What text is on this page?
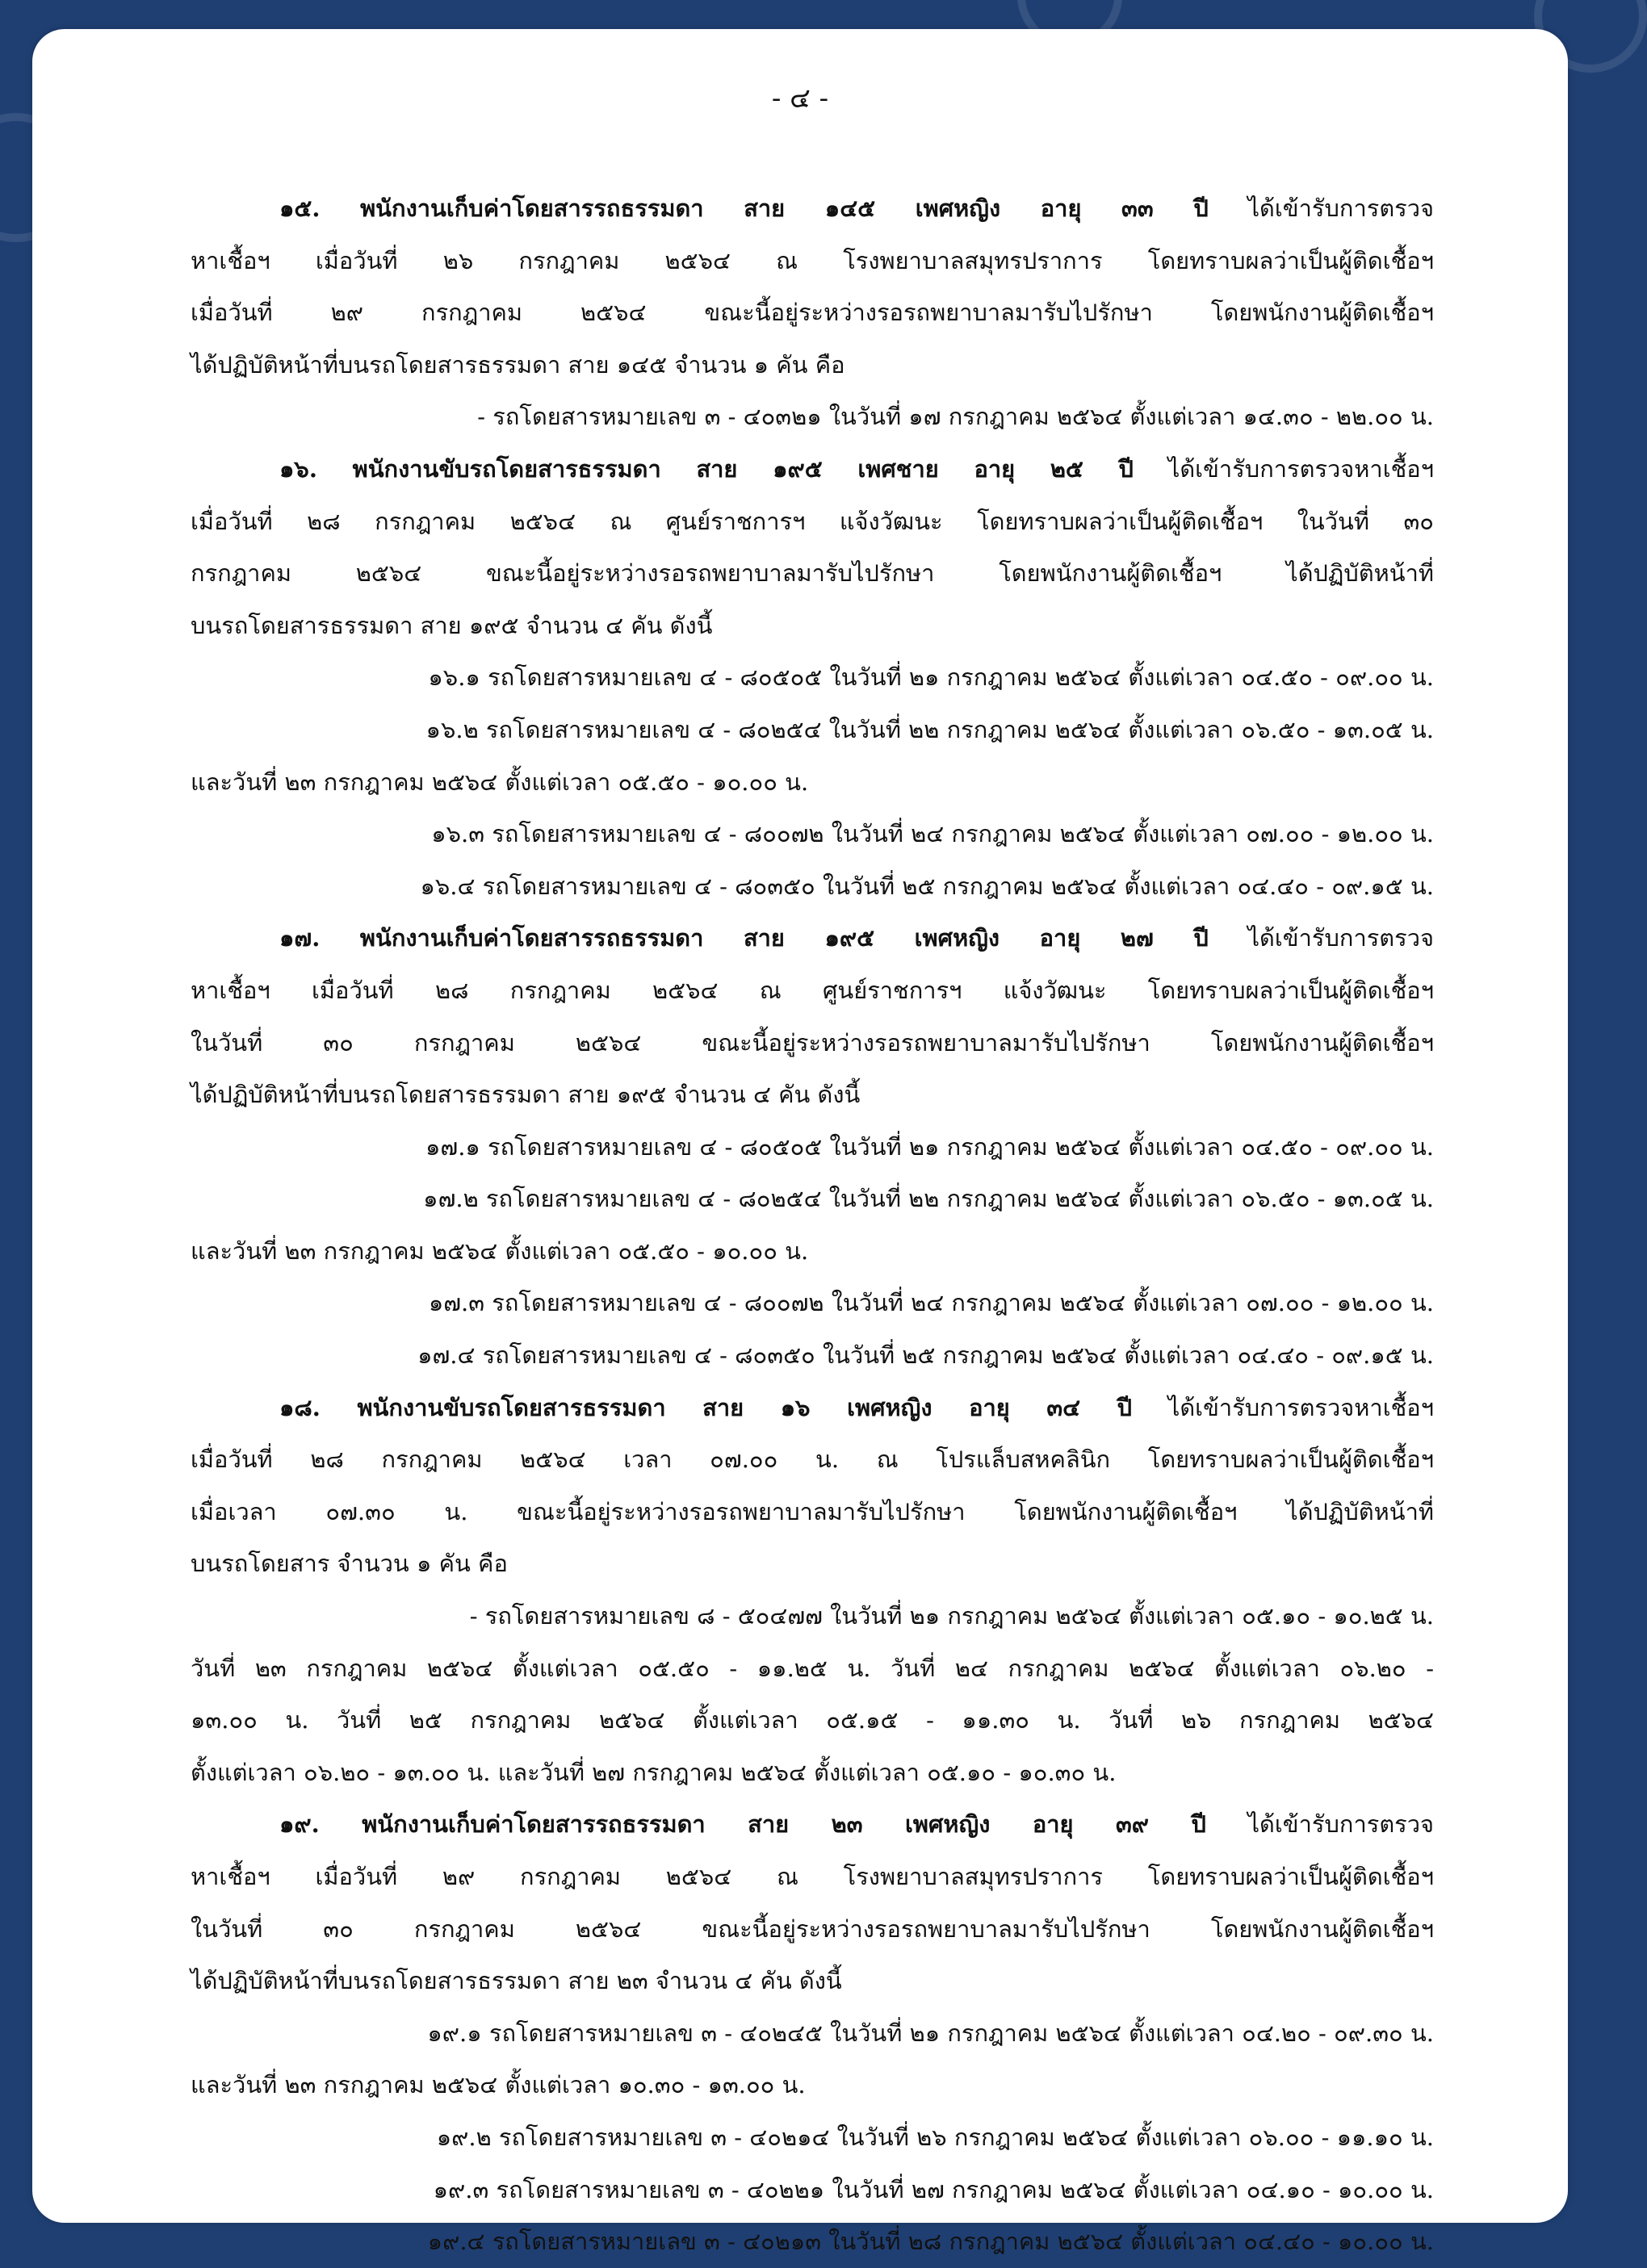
- ๔ -
๑๕. พนักงานเก็บค่าโดยสารรถธรรมดา สาย ๑๔๕ เพศหญิง อายุ ๓๓ ปี ได้เข้ารับการตรวจ
หาเชื้อฯ เมื่อวันที่ ๒๖ กรกฎาคม ๒๕๖๔ ณ โรงพยาบาลสมุทรปราการ โดยทราบผลว่าเป็นผู้ติดเชื้อฯ
เมื่อวันที่ ๒๙ กรกฎาคม ๒๕๖๔ ขณะนี้อยู่ระหว่างรอรถพยาบาลมารับไปรักษา โดยพนักงานผู้ติดเชื้อฯ
ได้ปฏิบัติหน้าที่บนรถโดยสารธรรมดา สาย ๑๔๕ จำนวน ๑ คัน คือ
- รถโดยสารหมายเลข ๓ - ๔๐๓๒๑ ในวันที่ ๑๗ กรกฎาคม ๒๕๖๔ ตั้งแต่เวลา ๑๔.๓๐ - ๒๒.๐๐ น.
๑๖. พนักงานขับรถโดยสารธรรมดา สาย ๑๙๕ เพศชาย อายุ ๒๕ ปี ได้เข้ารับการตรวจหาเชื้อฯ
เมื่อวันที่ ๒๘ กรกฎาคม ๒๕๖๔ ณ ศูนย์ราชการฯ แจ้งวัฒนะ โดยทราบผลว่าเป็นผู้ติดเชื้อฯ ในวันที่ ๓๐
กรกฎาคม ๒๕๖๔ ขณะนี้อยู่ระหว่างรอรถพยาบาลมารับไปรักษา โดยพนักงานผู้ติดเชื้อฯ ได้ปฏิบัติหน้าที่
บนรถโดยสารธรรมดา สาย ๑๙๕ จำนวน ๔ คัน ดังนี้
๑๖.๑ รถโดยสารหมายเลข ๔ - ๘๐๕๐๕ ในวันที่ ๒๑ กรกฎาคม ๒๕๖๔ ตั้งแต่เวลา ๐๔.๕๐ - ๐๙.๐๐ น.
๑๖.๒ รถโดยสารหมายเลข ๔ - ๘๐๒๕๔ ในวันที่ ๒๒ กรกฎาคม ๒๕๖๔ ตั้งแต่เวลา ๐๖.๕๐ - ๑๓.๐๕ น.
และวันที่ ๒๓ กรกฎาคม ๒๕๖๔ ตั้งแต่เวลา ๐๕.๕๐ - ๑๐.๐๐ น.
๑๖.๓ รถโดยสารหมายเลข ๔ - ๘๐๐๗๒ ในวันที่ ๒๔ กรกฎาคม ๒๕๖๔ ตั้งแต่เวลา ๐๗.๐๐ - ๑๒.๐๐ น.
๑๖.๔ รถโดยสารหมายเลข ๔ - ๘๐๓๕๐ ในวันที่ ๒๕ กรกฎาคม ๒๕๖๔ ตั้งแต่เวลา ๐๔.๔๐ - ๐๙.๑๕ น.
๑๗. พนักงานเก็บค่าโดยสารรถธรรมดา สาย ๑๙๕ เพศหญิง อายุ ๒๗ ปี ได้เข้ารับการตรวจ
หาเชื้อฯ เมื่อวันที่ ๒๘ กรกฎาคม ๒๕๖๔ ณ ศูนย์ราชการฯ แจ้งวัฒนะ โดยทราบผลว่าเป็นผู้ติดเชื้อฯ
ในวันที่ ๓๐ กรกฎาคม ๒๕๖๔ ขณะนี้อยู่ระหว่างรอรถพยาบาลมารับไปรักษา โดยพนักงานผู้ติดเชื้อฯ
ได้ปฏิบัติหน้าที่บนรถโดยสารธรรมดา สาย ๑๙๕ จำนวน ๔ คัน ดังนี้
๑๗.๑ รถโดยสารหมายเลข ๔ - ๘๐๕๐๕ ในวันที่ ๒๑ กรกฎาคม ๒๕๖๔ ตั้งแต่เวลา ๐๔.๕๐ - ๐๙.๐๐ น.
๑๗.๒ รถโดยสารหมายเลข ๔ - ๘๐๒๕๔ ในวันที่ ๒๒ กรกฎาคม ๒๕๖๔ ตั้งแต่เวลา ๐๖.๕๐ - ๑๓.๐๕ น.
และวันที่ ๒๓ กรกฎาคม ๒๕๖๔ ตั้งแต่เวลา ๐๕.๕๐ - ๑๐.๐๐ น.
๑๗.๓ รถโดยสารหมายเลข ๔ - ๘๐๐๗๒ ในวันที่ ๒๔ กรกฎาคม ๒๕๖๔ ตั้งแต่เวลา ๐๗.๐๐ - ๑๒.๐๐ น.
๑๗.๔ รถโดยสารหมายเลข ๔ - ๘๐๓๕๐ ในวันที่ ๒๕ กรกฎาคม ๒๕๖๔ ตั้งแต่เวลา ๐๔.๔๐ - ๐๙.๑๕ น.
๑๘. พนักงานขับรถโดยสารธรรมดา สาย ๑๖ เพศหญิง อายุ ๓๔ ปี ได้เข้ารับการตรวจหาเชื้อฯ
เมื่อวันที่ ๒๘ กรกฎาคม ๒๕๖๔ เวลา ๐๗.๐๐ น. ณ โปรแล็บสหคลินิก โดยทราบผลว่าเป็นผู้ติดเชื้อฯ
เมื่อเวลา ๐๗.๓๐ น. ขณะนี้อยู่ระหว่างรอรถพยาบาลมารับไปรักษา โดยพนักงานผู้ติดเชื้อฯ ได้ปฏิบัติหน้าที่
บนรถโดยสาร จำนวน ๑ คัน คือ
- รถโดยสารหมายเลข ๘ - ๕๐๔๗๗ ในวันที่ ๒๑ กรกฎาคม ๒๕๖๔ ตั้งแต่เวลา ๐๕.๑๐ - ๑๐.๒๕ น.
วันที่ ๒๓ กรกฎาคม ๒๕๖๔ ตั้งแต่เวลา ๐๕.๕๐ - ๑๑.๒๕ น. วันที่ ๒๔ กรกฎาคม ๒๕๖๔ ตั้งแต่เวลา ๐๖.๒๐ -
๑๓.๐๐ น. วันที่ ๒๕ กรกฎาคม ๒๕๖๔ ตั้งแต่เวลา ๐๕.๑๕ - ๑๑.๓๐ น. วันที่ ๒๖ กรกฎาคม ๒๕๖๔
ตั้งแต่เวลา ๐๖.๒๐ - ๑๓.๐๐ น. และวันที่ ๒๗ กรกฎาคม ๒๕๖๔ ตั้งแต่เวลา ๐๕.๑๐ - ๑๐.๓๐ น.
๑๙. พนักงานเก็บค่าโดยสารรถธรรมดา สาย ๒๓ เพศหญิง อายุ ๓๙ ปี ได้เข้ารับการตรวจ
หาเชื้อฯ เมื่อวันที่ ๒๙ กรกฎาคม ๒๕๖๔ ณ โรงพยาบาลสมุทรปราการ โดยทราบผลว่าเป็นผู้ติดเชื้อฯ
ในวันที่ ๓๐ กรกฎาคม ๒๕๖๔ ขณะนี้อยู่ระหว่างรอรถพยาบาลมารับไปรักษา โดยพนักงานผู้ติดเชื้อฯ
ได้ปฏิบัติหน้าที่บนรถโดยสารธรรมดา สาย ๒๓ จำนวน ๔ คัน ดังนี้
๑๙.๑ รถโดยสารหมายเลข ๓ - ๔๐๒๔๕ ในวันที่ ๒๑ กรกฎาคม ๒๕๖๔ ตั้งแต่เวลา ๐๔.๒๐ - ๐๙.๓๐ น.
และวันที่ ๒๓ กรกฎาคม ๒๕๖๔ ตั้งแต่เวลา ๑๐.๓๐ - ๑๓.๐๐ น.
๑๙.๒ รถโดยสารหมายเลข ๓ - ๔๐๒๑๔ ในวันที่ ๒๖ กรกฎาคม ๒๕๖๔ ตั้งแต่เวลา ๐๖.๐๐ - ๑๑.๑๐ น.
๑๙.๓ รถโดยสารหมายเลข ๓ - ๔๐๒๒๑ ในวันที่ ๒๗ กรกฎาคม ๒๕๖๔ ตั้งแต่เวลา ๐๔.๑๐ - ๑๐.๐๐ น.
๑๙.๔ รถโดยสารหมายเลข ๓ - ๔๐๒๑๓ ในวันที่ ๒๘ กรกฎาคม ๒๕๖๔ ตั้งแต่เวลา ๐๔.๔๐ - ๑๐.๐๐ น.
